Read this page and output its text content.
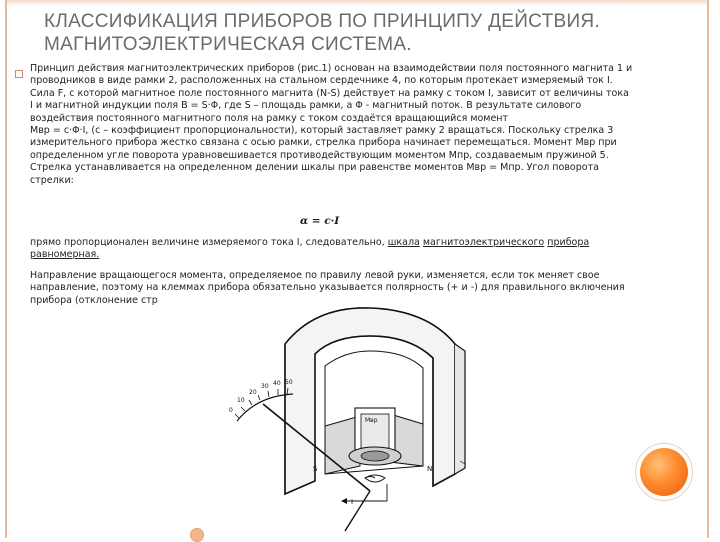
КЛАССИФИКАЦИЯ ПРИБОРОВ ПО ПРИНЦИПУ ДЕЙСТВИЯ.
МАГНИТОЭЛЕКТРИЧЕСКАЯ СИСТЕМА.
Принцип действия магнитоэлектрических приборов (рис.1) основан на взаимодействии поля постоянного магнита 1 и
проводников в виде рамки 2, расположенных на стальном сердечнике 4, по которым протекает измеряемый ток I.
Сила F, с которой магнитное поле постоянного магнита (N-S) действует на рамку с током I, зависит от величины тока
I и магнитной индукции поля B = S·Φ, где S – площадь рамки, а Φ - магнитный поток. В результате силового
воздействия постоянного магнитного поля на рамку с током создаётся вращающийся момент
Mвр = c·Φ·I, (c – коэффициент пропорциональности), который заставляет рамку 2 вращаться. Поскольку стрелка 3
измерительного прибора жестко связана с осью рамки, стрелка прибора начинает перемещаться. Момент Mвр при
определенном угле поворота уравновешивается противодействующим моментом Mпр, создаваемым пружиной 5.
Стрелка устанавливается на определенном делении шкалы при равенстве моментов Mвр = Mпр. Угол поворота
стрелки:
α = c·I
прямо пропорционален величине измеряемого тока I, следовательно, шкала магнитоэлектрического прибора
равномерная.
Направление вращающегося момента, определяемое по правилу левой руки, изменяется, если ток меняет свое
направление, поэтому на клеммах прибора обязательно указывается полярность (+ и -) для правильного включения
прибора (отклонение стр
0
10
20
30 40 50
S	N
Mвр
I
